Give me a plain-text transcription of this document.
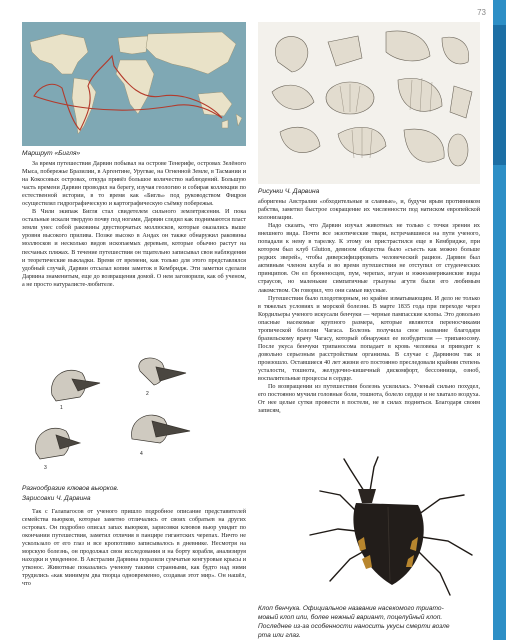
73
Маршрут «Бигля»
Рисунки Ч. Дарвина

За время путешествия Дарвин побывал на острове Тенерифе, островах Зелёного Мыса, побережье Бразилии, в Аргентине, Уругвае, на Огненной Земле, в Тасмании и на Кокосовых островах, откуда привёз большое количество наблюдений. Большую часть времени Дарвин проводил на берегу, изучая геологию и собирая коллекции по естественной истории, в то время как «Бигль» под руководством Фицроя осуществлял гидрографическую и картографическую съёмку побережья.

В Чили экипаж Бигля стал свидетелем сильного землетрясения. И пока остальные искали твердую почву под ногами, Дарвин следил как поднимаются пласт земли унес собой раковины двустворчатых моллюсков, которые оказались выше уровня высокого прилива. Позже высоко в Андах он также обнаружил раковины моллюсков и несколько видов ископаемых деревьев, которые обычно растут на песчаных пляжах. В течение путешествия он тщательно записывал свои наблюдения и теоретические выкладки. Время от времени, как только для этого представлялся удобный случай, Дарвин отсылал копии заметок в Кембридж. Эти заметки сделали Дарвина знаменитым, еще до возвращения домой. О нем заговорили, как об ученом, а не просто натуралисте-любителе.

1
2
3
4
Разнообразие клювов вьюрков.
Зарисовки Ч. Дарвина

Так с Галапагосов от ученого пришло подробное описание представителей семейства вьюрков, которые заметно отличались от своих собратьев на других островах. Он подробно описал запах выюрков, зарисовки клювов вьюр увидит по окончании путешествия, заметил отличия в панцире гигантских черепах. Ничто не ускользало от его глаз и все кропотливо записывалось в дневнике. Несмотря на морскую болезнь, он продолжал свои исследования и на борту корабля, анализируя находки и увиденное. В Австралии Дарвина поразили сумчатые кенгуровые крысы и утконос. Животные показались ученому такими странными, как будто над ними трудились «как минимум два творца одновременно, создавая этот мир». Он нашёл, что

аборигены Австралии «обходительные и славные», и, будучи ярым противником рабства, заметил быстрое сокращение их численности под натиском европейской колонизации.

Надо сказать, что Дарвин изучал животных не только с точки зрения их внешнего вида. Почти все экзотические твари, встречавшиеся на пути ученого, попадали к нему в тарелку. К этому он пристрастился еще в Кембридже, при котором был клуб Glutton, девизом общества было «съесть как можно больше редких зверей», чтобы диверсифицировать человеческий рацион. Дарвин был активным членом клуба и во время путешествия не отступил от студенческих принципов. Он ел броненосцев, пум, черепах, игуан и южноамериканские виды страусов, но маленькие симпатичные грызуны агути были его любимым лакомством. Он говорил, что они самые вкусные.

Путешествия было плодотворным, но крайне изматывающим. И дело не только в тяжелых условиях и морской болезни. В марте 1835 года при переходе через Кордильеры ученого искусали бенчуки — черные пампасские клопы. Это довольно опасные насекомые крупного размера, которые являются переносчиками тропической болезни Чагаса. Болезнь получила свое название благодаря бразильскому врачу Чагасу, который обнаружил ее возбудителя — трипаносому. После укуса бенчуки трипаносома попадает в кровь человека и приводит к довольно серьезным расстройствам организма. В случае с Дарвином так и произошло. Оставшиеся 40 лет жизни его постоянно преследовали крайняя степень усталости, тошнота, желудочно-кишечный дискомфорт, бессонница, озноб, воспалительные процессы в сердце.

По возвращении из путешествия болезнь усилилась. Ученый сильно похудел, его постоянно мучили головные боли, тошнота, болело сердце и не хватало воздуха. От нее целые сутки провести в постели, не в силах подняться. Благодаря своим записям,

Клоп бенчука. Официальное название насекомого триато-
мовый клоп или, более нежный вариант, поцелуйный клоп.
Последнее из-за особенности наносить укусы смерти возле
рта или глаз.
